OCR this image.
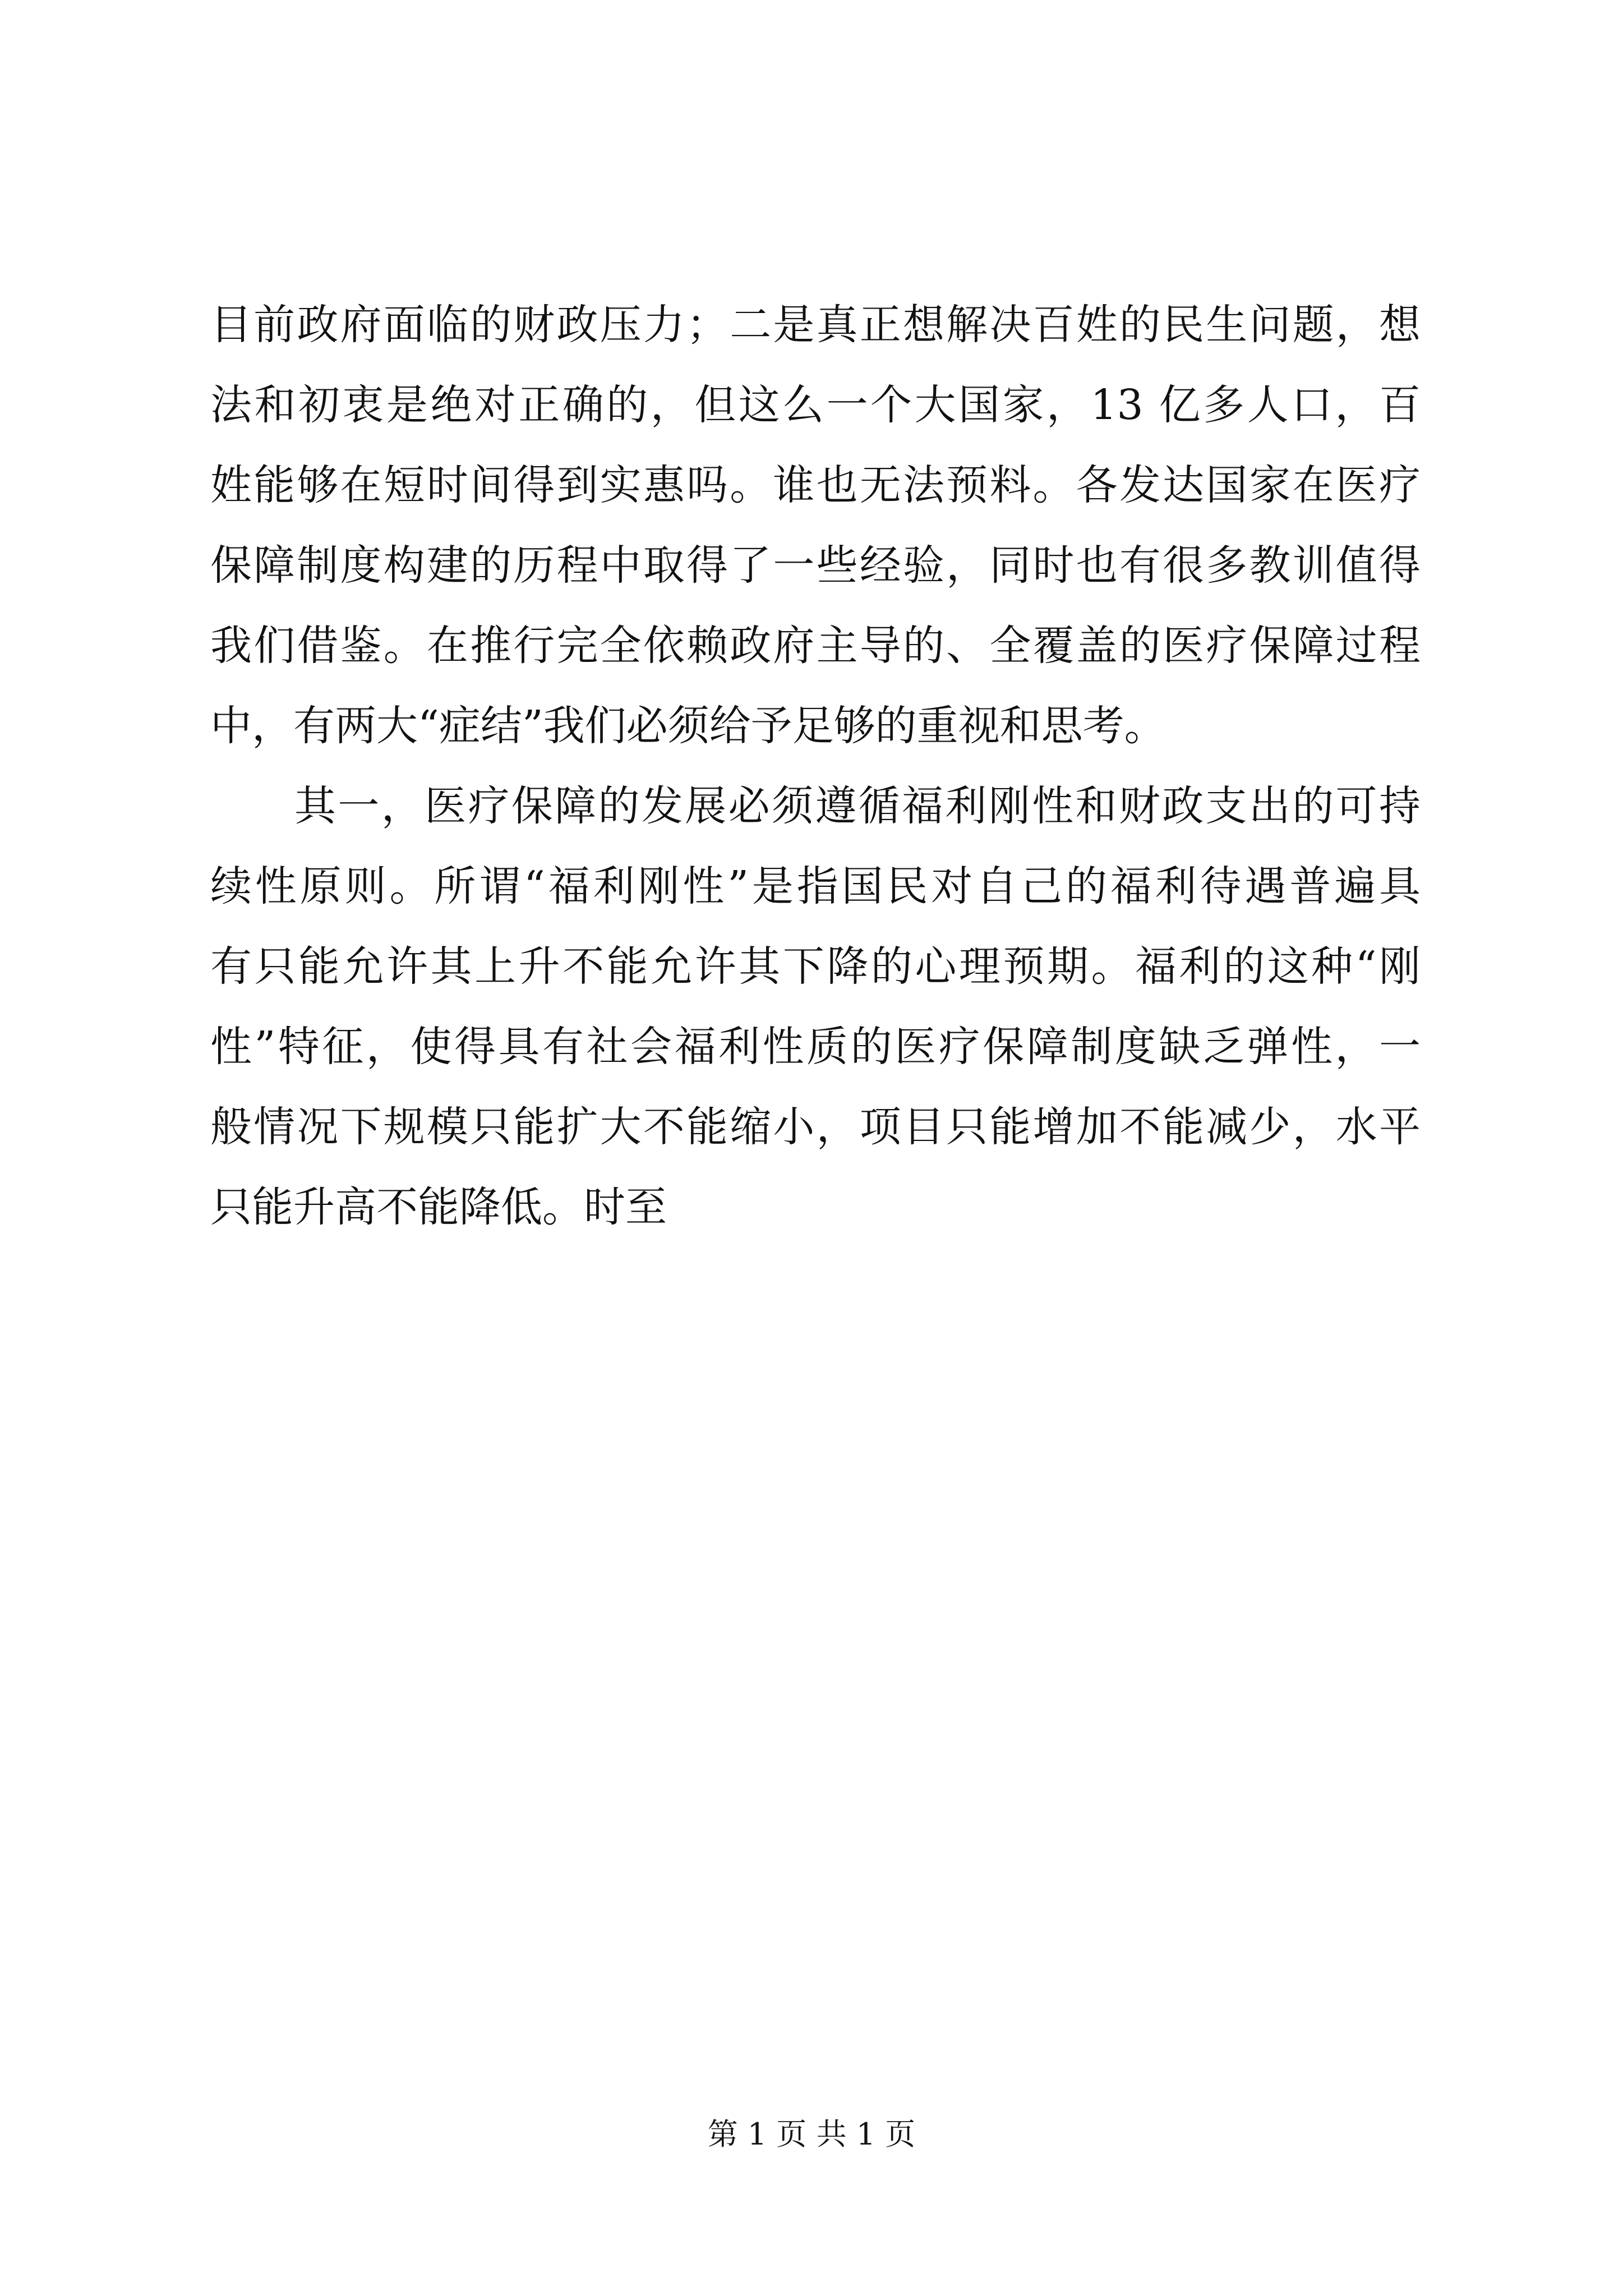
目前政府面临的财政压力；二是真正想解决百姓的民生问题，想
法和初衷是绝对正确的，但这么一个大国家，13 亿多人口，百
姓能够在短时间得到实惠吗。谁也无法预料。各发达国家在医疗
保障制度构建的历程中取得了一些经验，同时也有很多教训值得
我们借鉴。在推行完全依赖政府主导的、全覆盖的医疗保障过程
中，有两大“症结”我们必须给予足够的重视和思考。
其一，医疗保障的发展必须遵循福利刚性和财政支出的可持
续性原则。所谓“福利刚性”是指国民对自己的福利待遇普遍具
有只能允许其上升不能允许其下降的心理预期。福利的这种“刚
性”特征，使得具有社会福利性质的医疗保障制度缺乏弹性，一
般情况下规模只能扩大不能缩小，项目只能增加不能减少，水平
只能升高不能降低。时至
第 1 页 共 1 页
